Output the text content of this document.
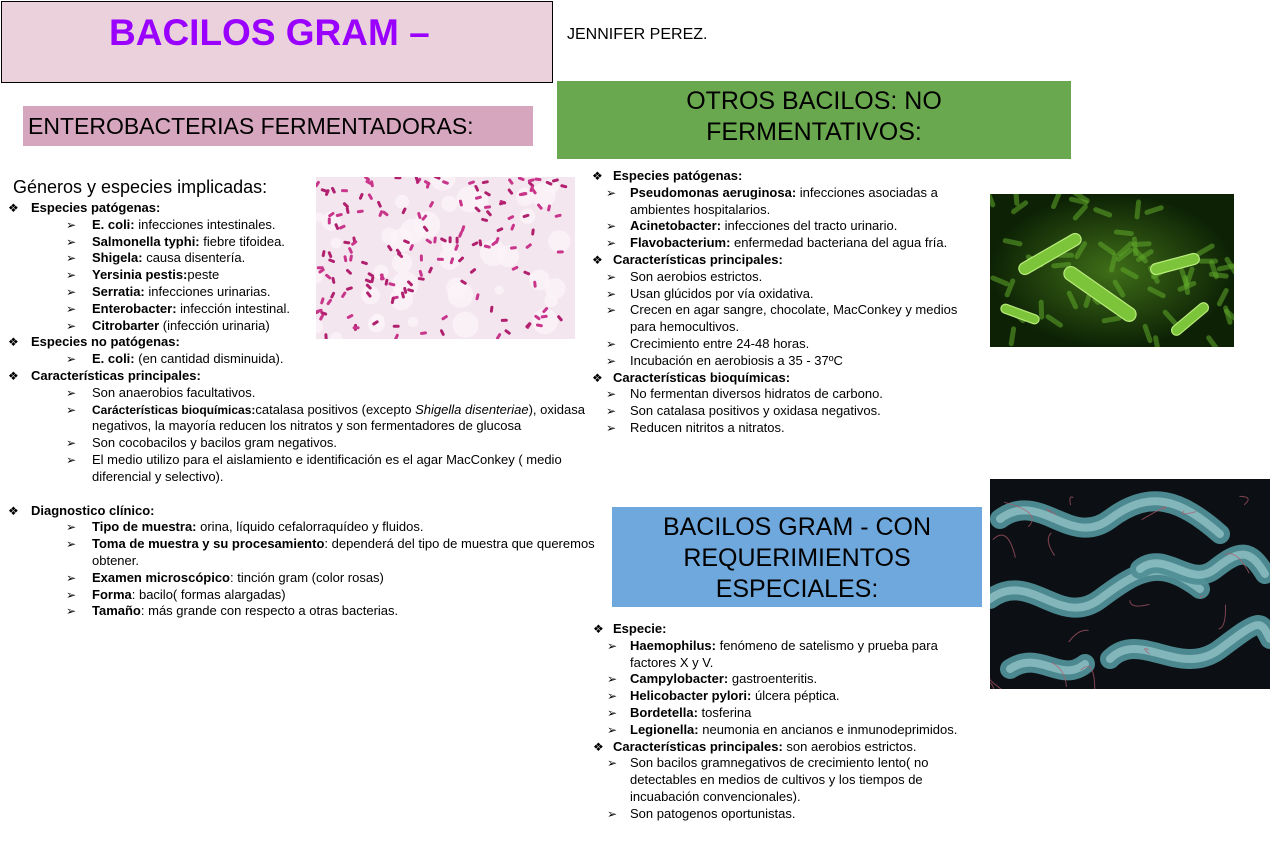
BACILOS GRAM –	JENNIFER PEREZ.
ENTEROBACTERIAS FERMENTADORAS:
OTROS BACILOS: NO
FERMENTATIVOS:
BACILOS GRAM - CON
REQUERIMIENTOS
ESPECIALES:
Géneros y especies implicadas:
❖ Especies patógenas:
➢ E. coli: infecciones intestinales.
➢ Salmonella typhi: fiebre tifoidea.
➢ Shigela: causa disentería.
➢ Yersinia pestis:peste
➢ Serratia: infecciones urinarias.
➢ Enterobacter: infección intestinal.
➢ Citrobarter (infección urinaria)
❖ Especies no patógenas:
➢ E. coli: (en cantidad disminuida).
❖ Características principales:
➢ Son anaerobios facultativos.
➢ Carácterísticas bioquímicas:catalasa positivos (excepto Shigella disenteriae), oxidasa negativos, la mayoría reducen los nitratos y son fermentadores de glucosa
➢ Son cocobacilos y bacilos gram negativos.
➢ El medio utilizo para el aislamiento e identificación es el agar MacConkey ( medio diferencial y selectivo).
❖ Diagnostico clínico:
➢ Tipo de muestra: orina, líquido cefalorraquídeo y fluidos.
➢ Toma de muestra y su procesamiento: dependerá del tipo de muestra que queremos obtener.
➢ Examen microscópico: tinción gram (color rosas)
➢ Forma: bacilo( formas alargadas)
➢ Tamaño: más grande con respecto a otras bacterias.
❖ Especies patógenas:
➢ Pseudomonas aeruginosa: infecciones asociadas a ambientes hospitalarios.
➢ Acinetobacter: infecciones del tracto urinario.
➢ Flavobacterium: enfermedad bacteriana del agua fría.
❖ Características principales:
➢ Son aerobios estrictos.
➢ Usan glúcidos por vía oxidativa.
➢ Crecen en agar sangre, chocolate, MacConkey y medios para hemocultivos.
➢ Crecimiento entre 24-48 horas.
➢ Incubación en aerobiosis a 35 - 37ºC
❖ Características bioquímicas:
➢ No fermentan diversos hidratos de carbono.
➢ Son catalasa positivos y oxidasa negativos.
➢ Reducen nitritos a nitratos.
❖ Especie:
➢ Haemophilus: fenómeno de satelismo y prueba para factores X y V.
➢ Campylobacter: gastroenteritis.
➢ Helicobacter pylori: úlcera péptica.
➢ Bordetella: tosferina
➢ Legionella: neumonia en ancianos e inmunodeprimidos.
❖ Características principales: son aerobios estrictos.
➢ Son bacilos gramnegativos de crecimiento lento( no detectables en medios de cultivos y los tiempos de incuabación convencionales).
➢ Son patogenos oportunistas.
